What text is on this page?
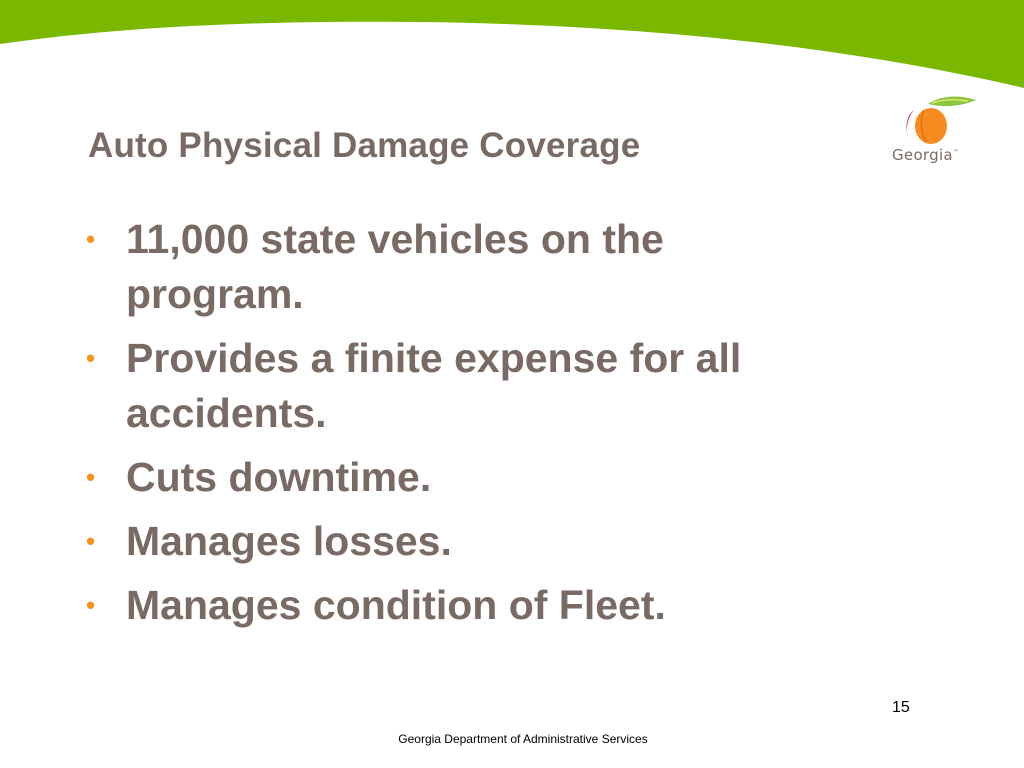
Auto Physical Damage Coverage	Georgia™
• 11,000 state vehicles on the program.
• Provides a finite expense for all accidents.
• Cuts downtime.
• Manages losses.
• Manages condition of Fleet.
15
Georgia Department of Administrative Services
